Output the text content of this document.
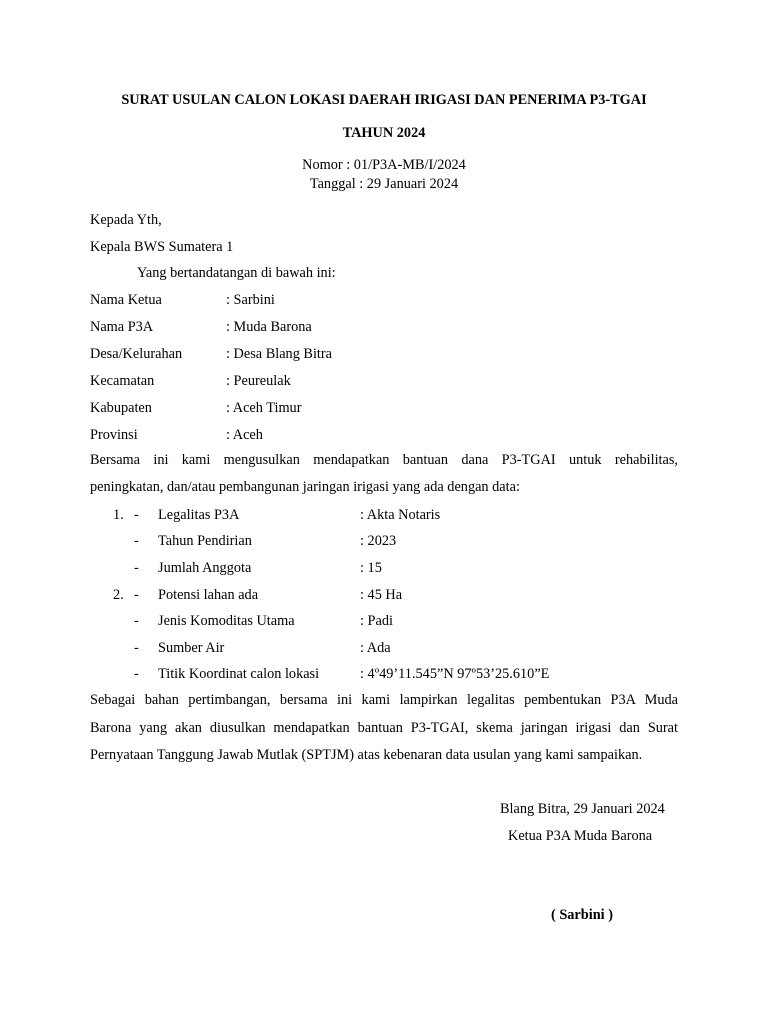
SURAT USULAN CALON LOKASI DAERAH IRIGASI DAN PENERIMA P3-TGAI
TAHUN 2024
Nomor : 01/P3A-MB/I/2024
Tanggal : 29 Januari 2024
Kepada Yth,
Kepala BWS Sumatera 1
Yang bertandatangan di bawah ini:
Nama Ketua	: Sarbini
Nama P3A	: Muda Barona
Desa/Kelurahan	: Desa Blang Bitra
Kecamatan	: Peureulak
Kabupaten	: Aceh Timur
Provinsi	: Aceh
Bersama ini kami mengusulkan mendapatkan bantuan dana P3-TGAI untuk rehabilitas,
peningkatan, dan/atau pembangunan jaringan irigasi yang ada dengan data:
1. - Legalitas P3A	: Akta Notaris
- Tahun Pendirian	: 2023
- Jumlah Anggota	: 15
2. - Potensi lahan ada	: 45 Ha
- Jenis Komoditas Utama	: Padi
- Sumber Air	: Ada
- Titik Koordinat calon lokasi	: 4º49’11.545”N 97º53’25.610”E
Sebagai bahan pertimbangan, bersama ini kami lampirkan legalitas pembentukan P3A Muda
Barona yang akan diusulkan mendapatkan bantuan P3-TGAI, skema jaringan irigasi dan Surat
Pernyataan Tanggung Jawab Mutlak (SPTJM) atas kebenaran data usulan yang kami sampaikan.
Blang Bitra, 29 Januari 2024
Ketua P3A Muda Barona
( Sarbini )
